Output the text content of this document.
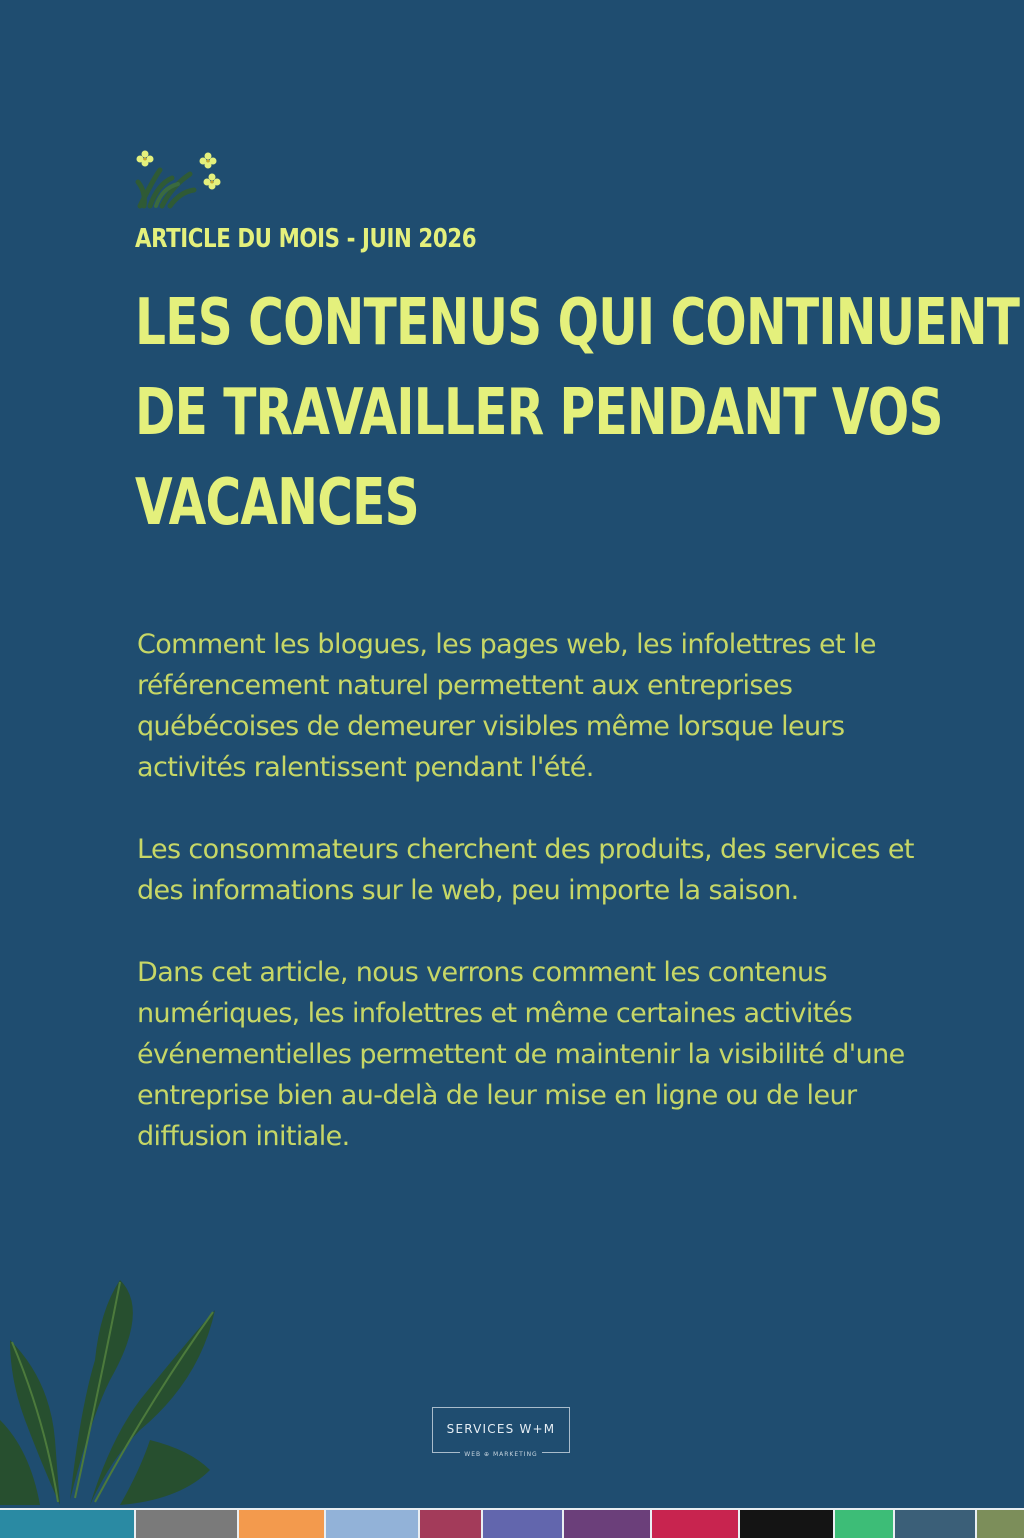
ARTICLE DU MOIS - JUIN 2026
LES CONTENUS QUI CONTINUENT
DE TRAVAILLER PENDANT VOS
VACANCES

Comment les blogues, les pages web, les infolettres et le référencement naturel permettent aux entreprises québécoises de demeurer visibles même lorsque leurs activités ralentissent pendant l'été.

Les consommateurs cherchent des produits, des services et des informations sur le web, peu importe la saison.

Dans cet article, nous verrons comment les contenus numériques, les infolettres et même certaines activités événementielles permettent de maintenir la visibilité d'une entreprise bien au-delà de leur mise en ligne ou de leur diffusion initiale.

SERVICES W+M
WEB ⊕ MARKETING
